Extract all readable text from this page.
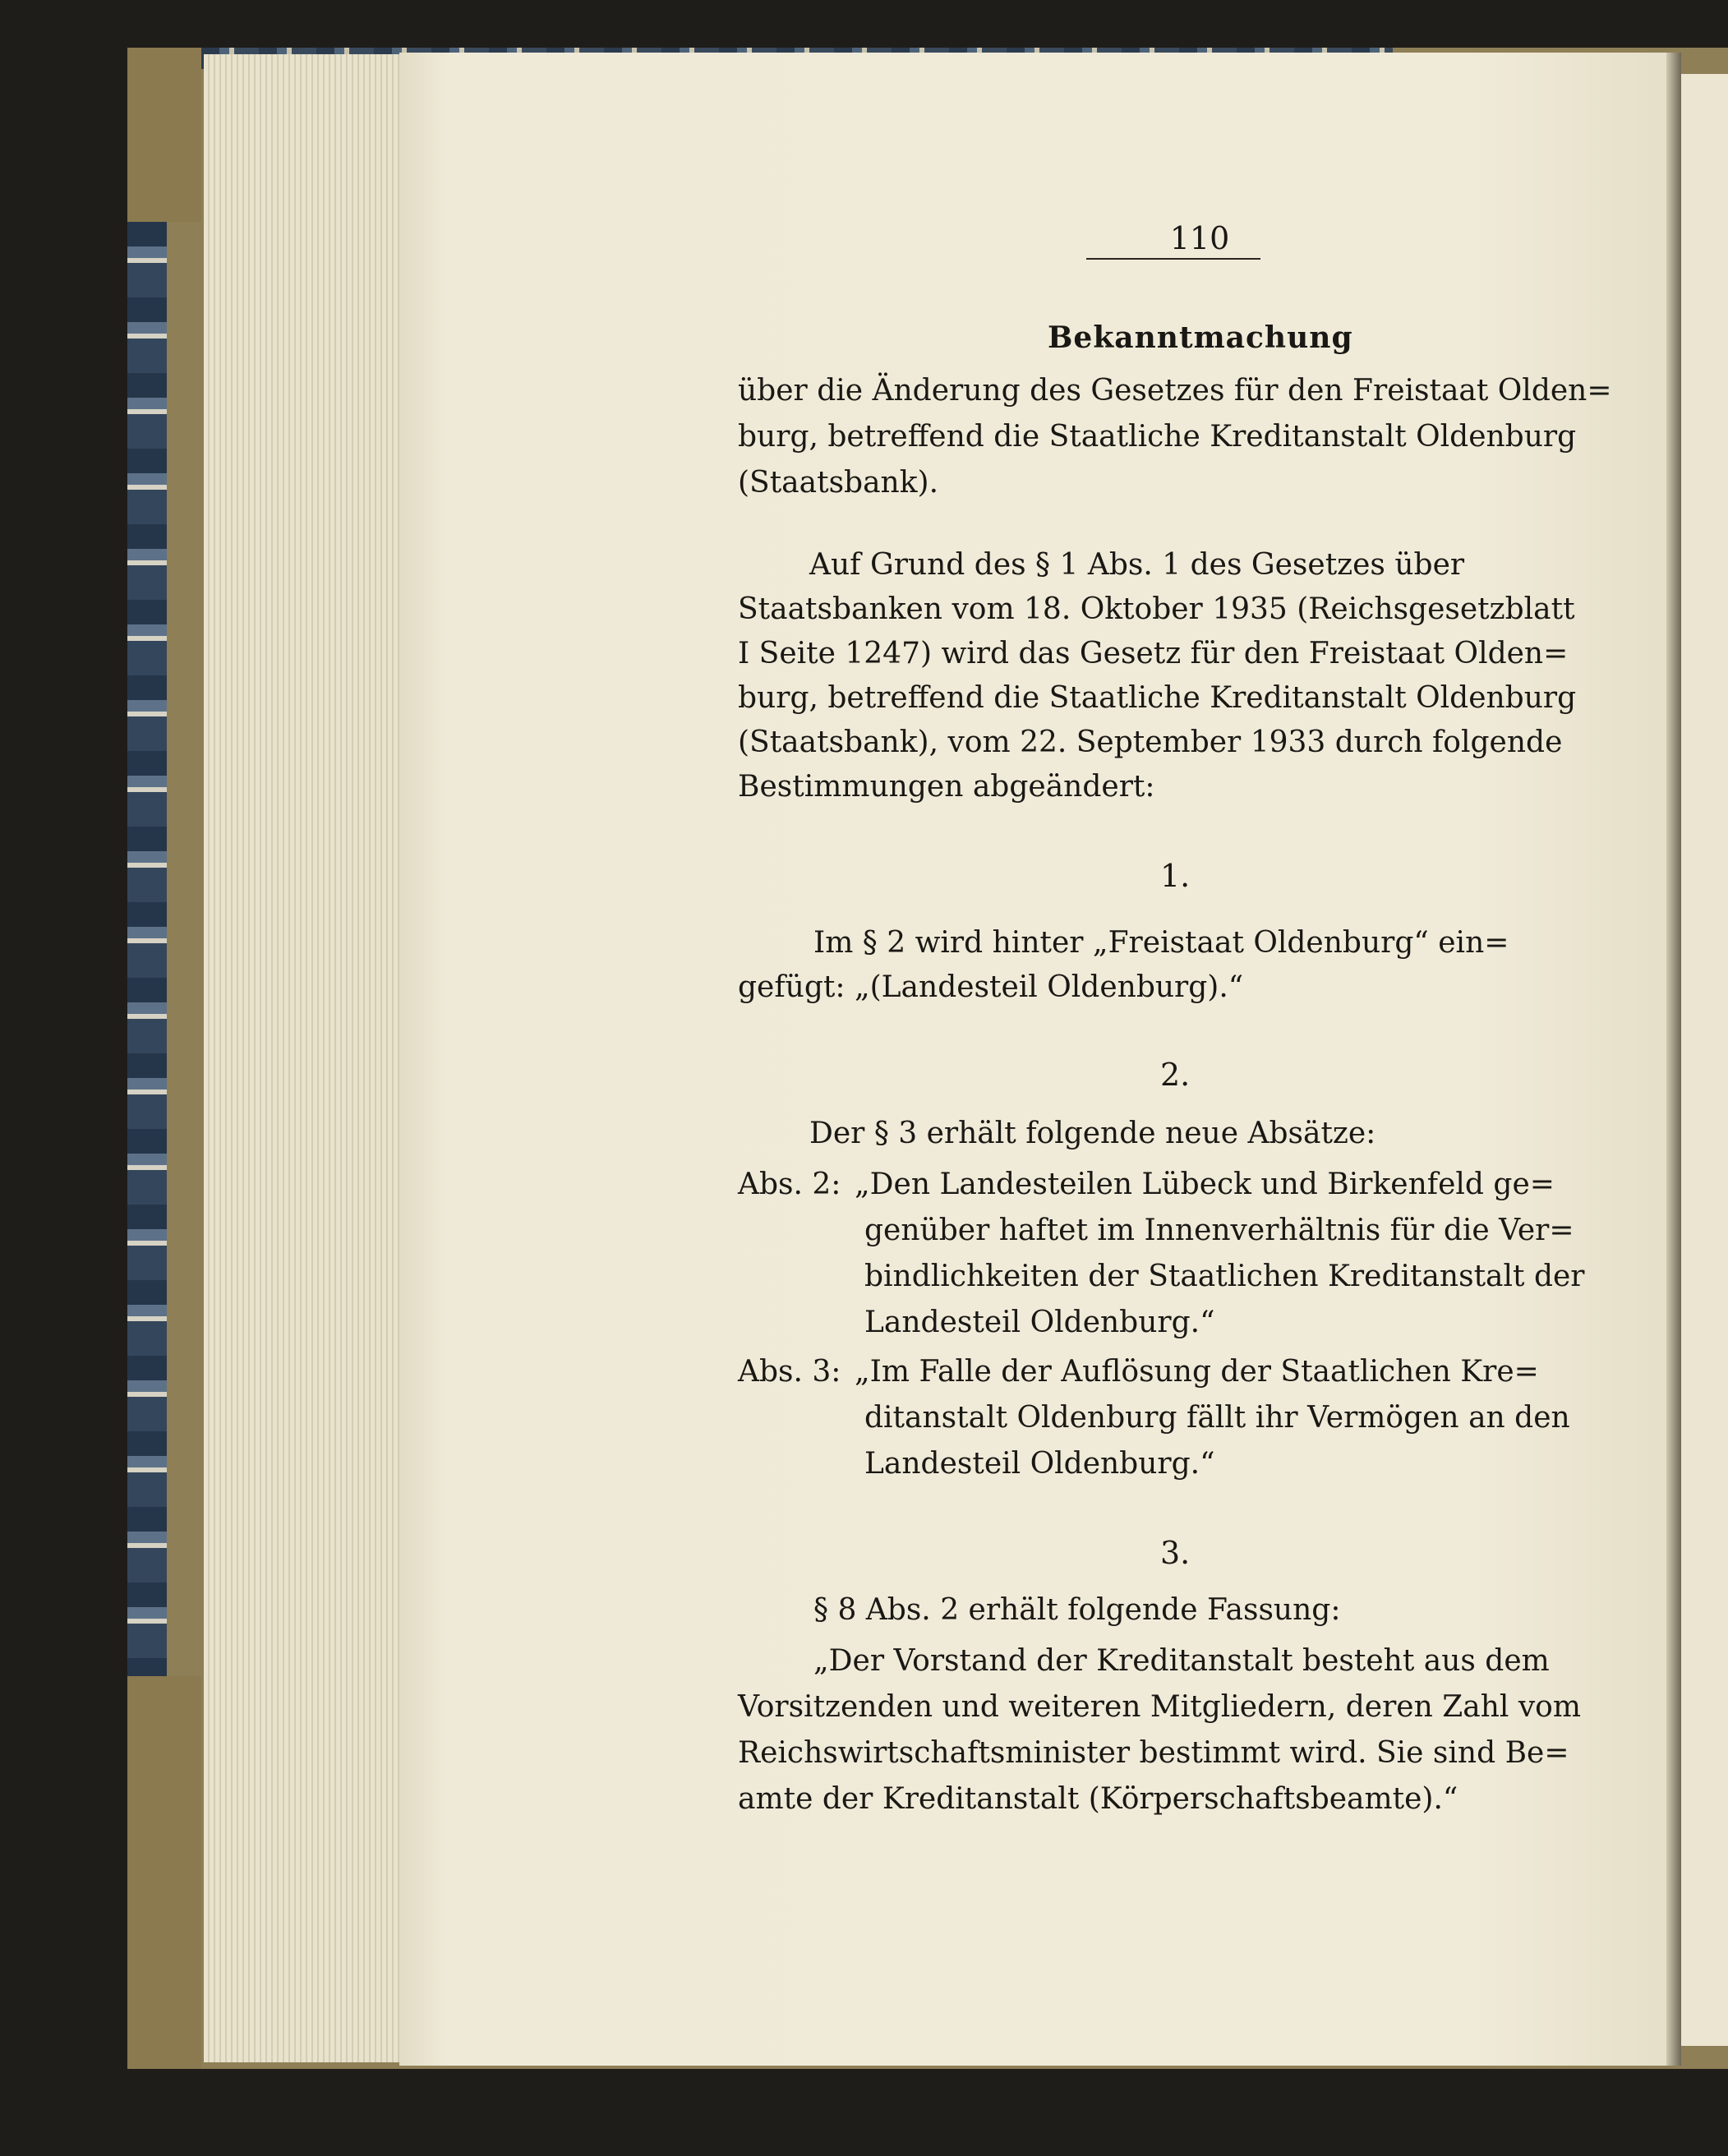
110
Bekanntmachung
über die Änderung des Gesetzes für den Freistaat Olden=
burg, betreffend die Staatliche Kreditanstalt Oldenburg
(Staatsbank).
Auf Grund des § 1 Abs. 1 des Gesetzes über
Staatsbanken vom 18. Oktober 1935 (Reichsgesetzblatt
I Seite 1247) wird das Gesetz für den Freistaat Olden=
burg, betreffend die Staatliche Kreditanstalt Oldenburg
(Staatsbank), vom 22. September 1933 durch folgende
Bestimmungen abgeändert:
1.
Im § 2 wird hinter „Freistaat Oldenburg“ ein=
gefügt: „(Landesteil Oldenburg).“
2.
Der § 3 erhält folgende neue Absätze:
Abs. 2: „Den Landesteilen Lübeck und Birkenfeld ge=
genüber haftet im Innenverhältnis für die Ver=
bindlichkeiten der Staatlichen Kreditanstalt der
Landesteil Oldenburg.“
Abs. 3: „Im Falle der Auflösung der Staatlichen Kre=
ditanstalt Oldenburg fällt ihr Vermögen an den
Landesteil Oldenburg.“
3.
§ 8 Abs. 2 erhält folgende Fassung:
„Der Vorstand der Kreditanstalt besteht aus dem
Vorsitzenden und weiteren Mitgliedern, deren Zahl vom
Reichswirtschaftsminister bestimmt wird. Sie sind Be=
amte der Kreditanstalt (Körperschaftsbeamte).“
